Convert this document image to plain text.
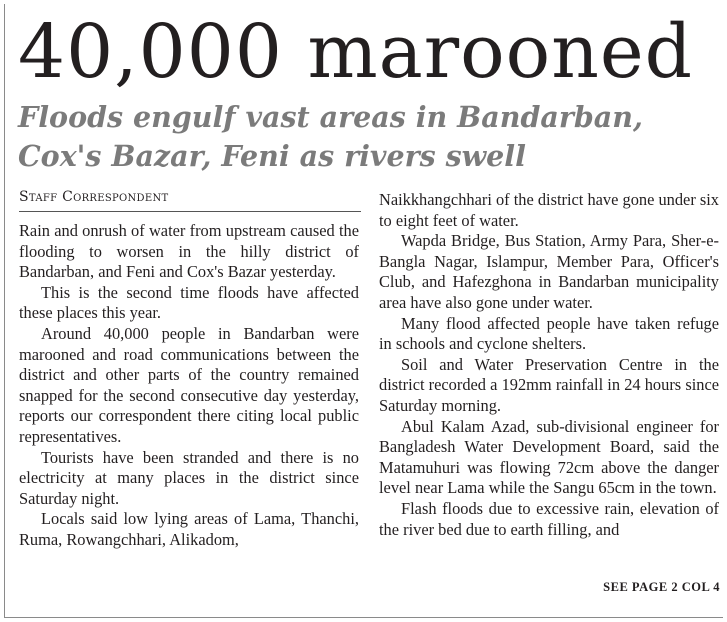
40,000 marooned
Floods engulf vast areas in Bandarban,
Cox's Bazar, Feni as rivers swell
Staff Correspondent

Rain and onrush of water from upstream caused the flooding to worsen in the hilly district of Bandarban, and Feni and Cox's Bazar yesterday.

This is the second time floods have affected these places this year.

Around 40,000 people in Bandarban were marooned and road communications between the district and other parts of the country remained snapped for the second consecutive day yesterday, reports our correspondent there citing local public representatives.

Tourists have been stranded and there is no electricity at many places in the district since Saturday night.

Locals said low lying areas of Lama, Thanchi, Ruma, Rowangchhari, Alikadom,

Naikkhangchhari of the district have gone under six to eight feet of water.

Wapda Bridge, Bus Station, Army Para, Sher-e-Bangla Nagar, Islampur, Member Para, Officer's Club, and Hafezghona in Bandarban municipality area have also gone under water.

Many flood affected people have taken refuge in schools and cyclone shelters.

Soil and Water Preservation Centre in the district recorded a 192mm rainfall in 24 hours since Saturday morning.

Abul Kalam Azad, sub-divisional engineer for Bangladesh Water Development Board, said the Matamuhuri was flowing 72cm above the danger level near Lama while the Sangu 65cm in the town.

Flash floods due to excessive rain, elevation of the river bed due to earth filling, and

SEE PAGE 2 COL 4
